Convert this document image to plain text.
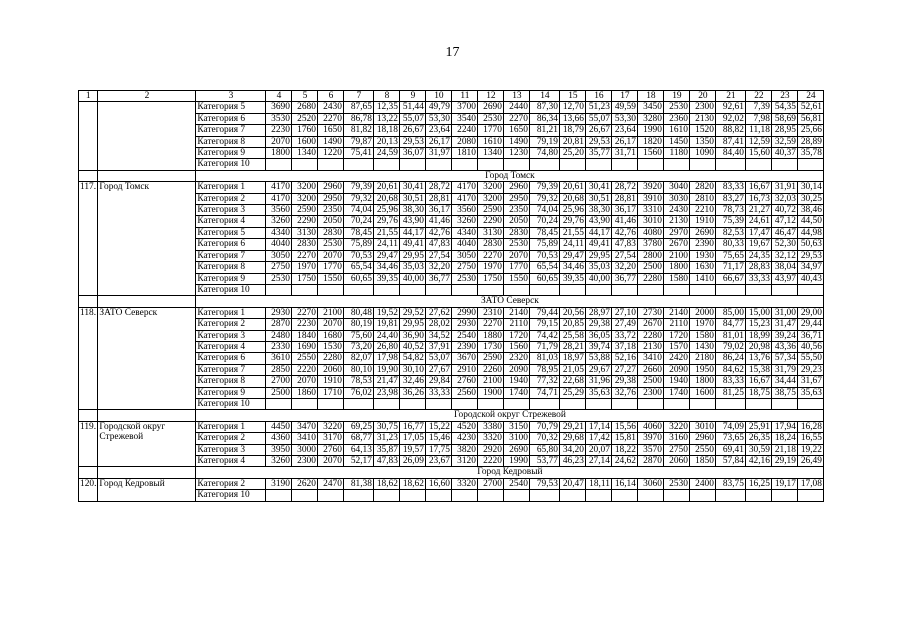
17
1	2	3	4	5	6	7	8	9	10	11	12	13	14	15	16	17	18	19	20	21	22	23	24
		Категория 5	3690	2680	2430	87,65	12,35	51,44	49,79	3700	2690	2440	87,30	12,70	51,23	49,59	3450	2530	2300	92,61	7,39	54,35	52,61
		Категория 6	3530	2520	2270	86,78	13,22	55,07	53,30	3540	2530	2270	86,34	13,66	55,07	53,30	3280	2360	2130	92,02	7,98	58,69	56,81
		Категория 7	2230	1760	1650	81,82	18,18	26,67	23,64	2240	1770	1650	81,21	18,79	26,67	23,64	1990	1610	1520	88,82	11,18	28,95	25,66
		Категория 8	2070	1600	1490	79,87	20,13	29,53	26,17	2080	1610	1490	79,19	20,81	29,53	26,17	1820	1450	1350	87,41	12,59	32,59	28,89
		Категория 9	1800	1340	1220	75,41	24,59	36,07	31,97	1810	1340	1230	74,80	25,20	35,77	31,71	1560	1180	1090	84,40	15,60	40,37	35,78
		Категория 10																					
		Город Томск																					
117.	Город Томск	Категория 1	4170	3200	2960	79,39	20,61	30,41	28,72	4170	3200	2960	79,39	20,61	30,41	28,72	3920	3040	2820	83,33	16,67	31,91	30,14
		Категория 2	4170	3200	2950	79,32	20,68	30,51	28,81	4170	3200	2950	79,32	20,68	30,51	28,81	3910	3030	2810	83,27	16,73	32,03	30,25
		Категория 3	3560	2590	2350	74,04	25,96	38,30	36,17	3560	2590	2350	74,04	25,96	38,30	36,17	3310	2430	2210	78,73	21,27	40,72	38,46
		Категория 4	3260	2290	2050	70,24	29,76	43,90	41,46	3260	2290	2050	70,24	29,76	43,90	41,46	3010	2130	1910	75,39	24,61	47,12	44,50
		Категория 5	4340	3130	2830	78,45	21,55	44,17	42,76	4340	3130	2830	78,45	21,55	44,17	42,76	4080	2970	2690	82,53	17,47	46,47	44,98
		Категория 6	4040	2830	2530	75,89	24,11	49,41	47,83	4040	2830	2530	75,89	24,11	49,41	47,83	3780	2670	2390	80,33	19,67	52,30	50,63
		Категория 7	3050	2270	2070	70,53	29,47	29,95	27,54	3050	2270	2070	70,53	29,47	29,95	27,54	2800	2100	1930	75,65	24,35	32,12	29,53
		Категория 8	2750	1970	1770	65,54	34,46	35,03	32,20	2750	1970	1770	65,54	34,46	35,03	32,20	2500	1800	1630	71,17	28,83	38,04	34,97
		Категория 9	2530	1750	1550	60,65	39,35	40,00	36,77	2530	1750	1550	60,65	39,35	40,00	36,77	2280	1580	1410	66,67	33,33	43,97	40,43
		Категория 10																					
		ЗАТО Северск																					
118.	ЗАТО Северск	Категория 1	2930	2270	2100	80,48	19,52	29,52	27,62	2990	2310	2140	79,44	20,56	28,97	27,10	2730	2140	2000	85,00	15,00	31,00	29,00
		Категория 2	2870	2230	2070	80,19	19,81	29,95	28,02	2930	2270	2110	79,15	20,85	29,38	27,49	2670	2110	1970	84,77	15,23	31,47	29,44
		Категория 3	2480	1840	1680	75,60	24,40	36,90	34,52	2540	1880	1720	74,42	25,58	36,05	33,72	2280	1720	1580	81,01	18,99	39,24	36,71
		Категория 4	2330	1690	1530	73,20	26,80	40,52	37,91	2390	1730	1560	71,79	28,21	39,74	37,18	2130	1570	1430	79,02	20,98	43,36	40,56
		Категория 6	3610	2550	2280	82,07	17,98	54,82	53,07	3670	2590	2320	81,03	18,97	53,88	52,16	3410	2420	2180	86,24	13,76	57,34	55,50
		Категория 7	2850	2220	2060	80,10	19,90	30,10	27,67	2910	2260	2090	78,95	21,05	29,67	27,27	2660	2090	1950	84,62	15,38	31,79	29,23
		Категория 8	2700	2070	1910	78,53	21,47	32,46	29,84	2760	2100	1940	77,32	22,68	31,96	29,38	2500	1940	1800	83,33	16,67	34,44	31,67
		Категория 9	2500	1860	1710	76,02	23,98	36,26	33,33	2560	1900	1740	74,71	25,29	35,63	32,76	2300	1740	1600	81,25	18,75	38,75	35,63
		Категория 10																					
		Городской округ Стрежевой																					
119.	Городской округ Стрежевой	Категория 1	4450	3470	3220	69,25	30,75	16,77	15,22	4520	3380	3150	70,79	29,21	17,14	15,56	4060	3220	3010	74,09	25,91	17,94	16,28
		Категория 2	4360	3410	3170	68,77	31,23	17,05	15,46	4230	3320	3100	70,32	29,68	17,42	15,81	3970	3160	2960	73,65	26,35	18,24	16,55
		Категория 3	3950	3000	2760	64,13	35,87	19,57	17,75	3820	2920	2690	65,80	34,20	20,07	18,22	3570	2750	2550	69,41	30,59	21,18	19,22
		Категория 4	3260	2300	2070	52,17	47,83	26,09	23,67	3120	2220	1990	53,77	46,23	27,14	24,62	2870	2060	1850	57,84	42,16	29,19	26,49
		Город Кедровый																					
120.	Город Кедровый	Категория 2	3190	2620	2470	81,38	18,62	18,62	16,60	3320	2700	2540	79,53	20,47	18,11	16,14	3060	2530	2400	83,75	16,25	19,17	17,08
		Категория 10																					
